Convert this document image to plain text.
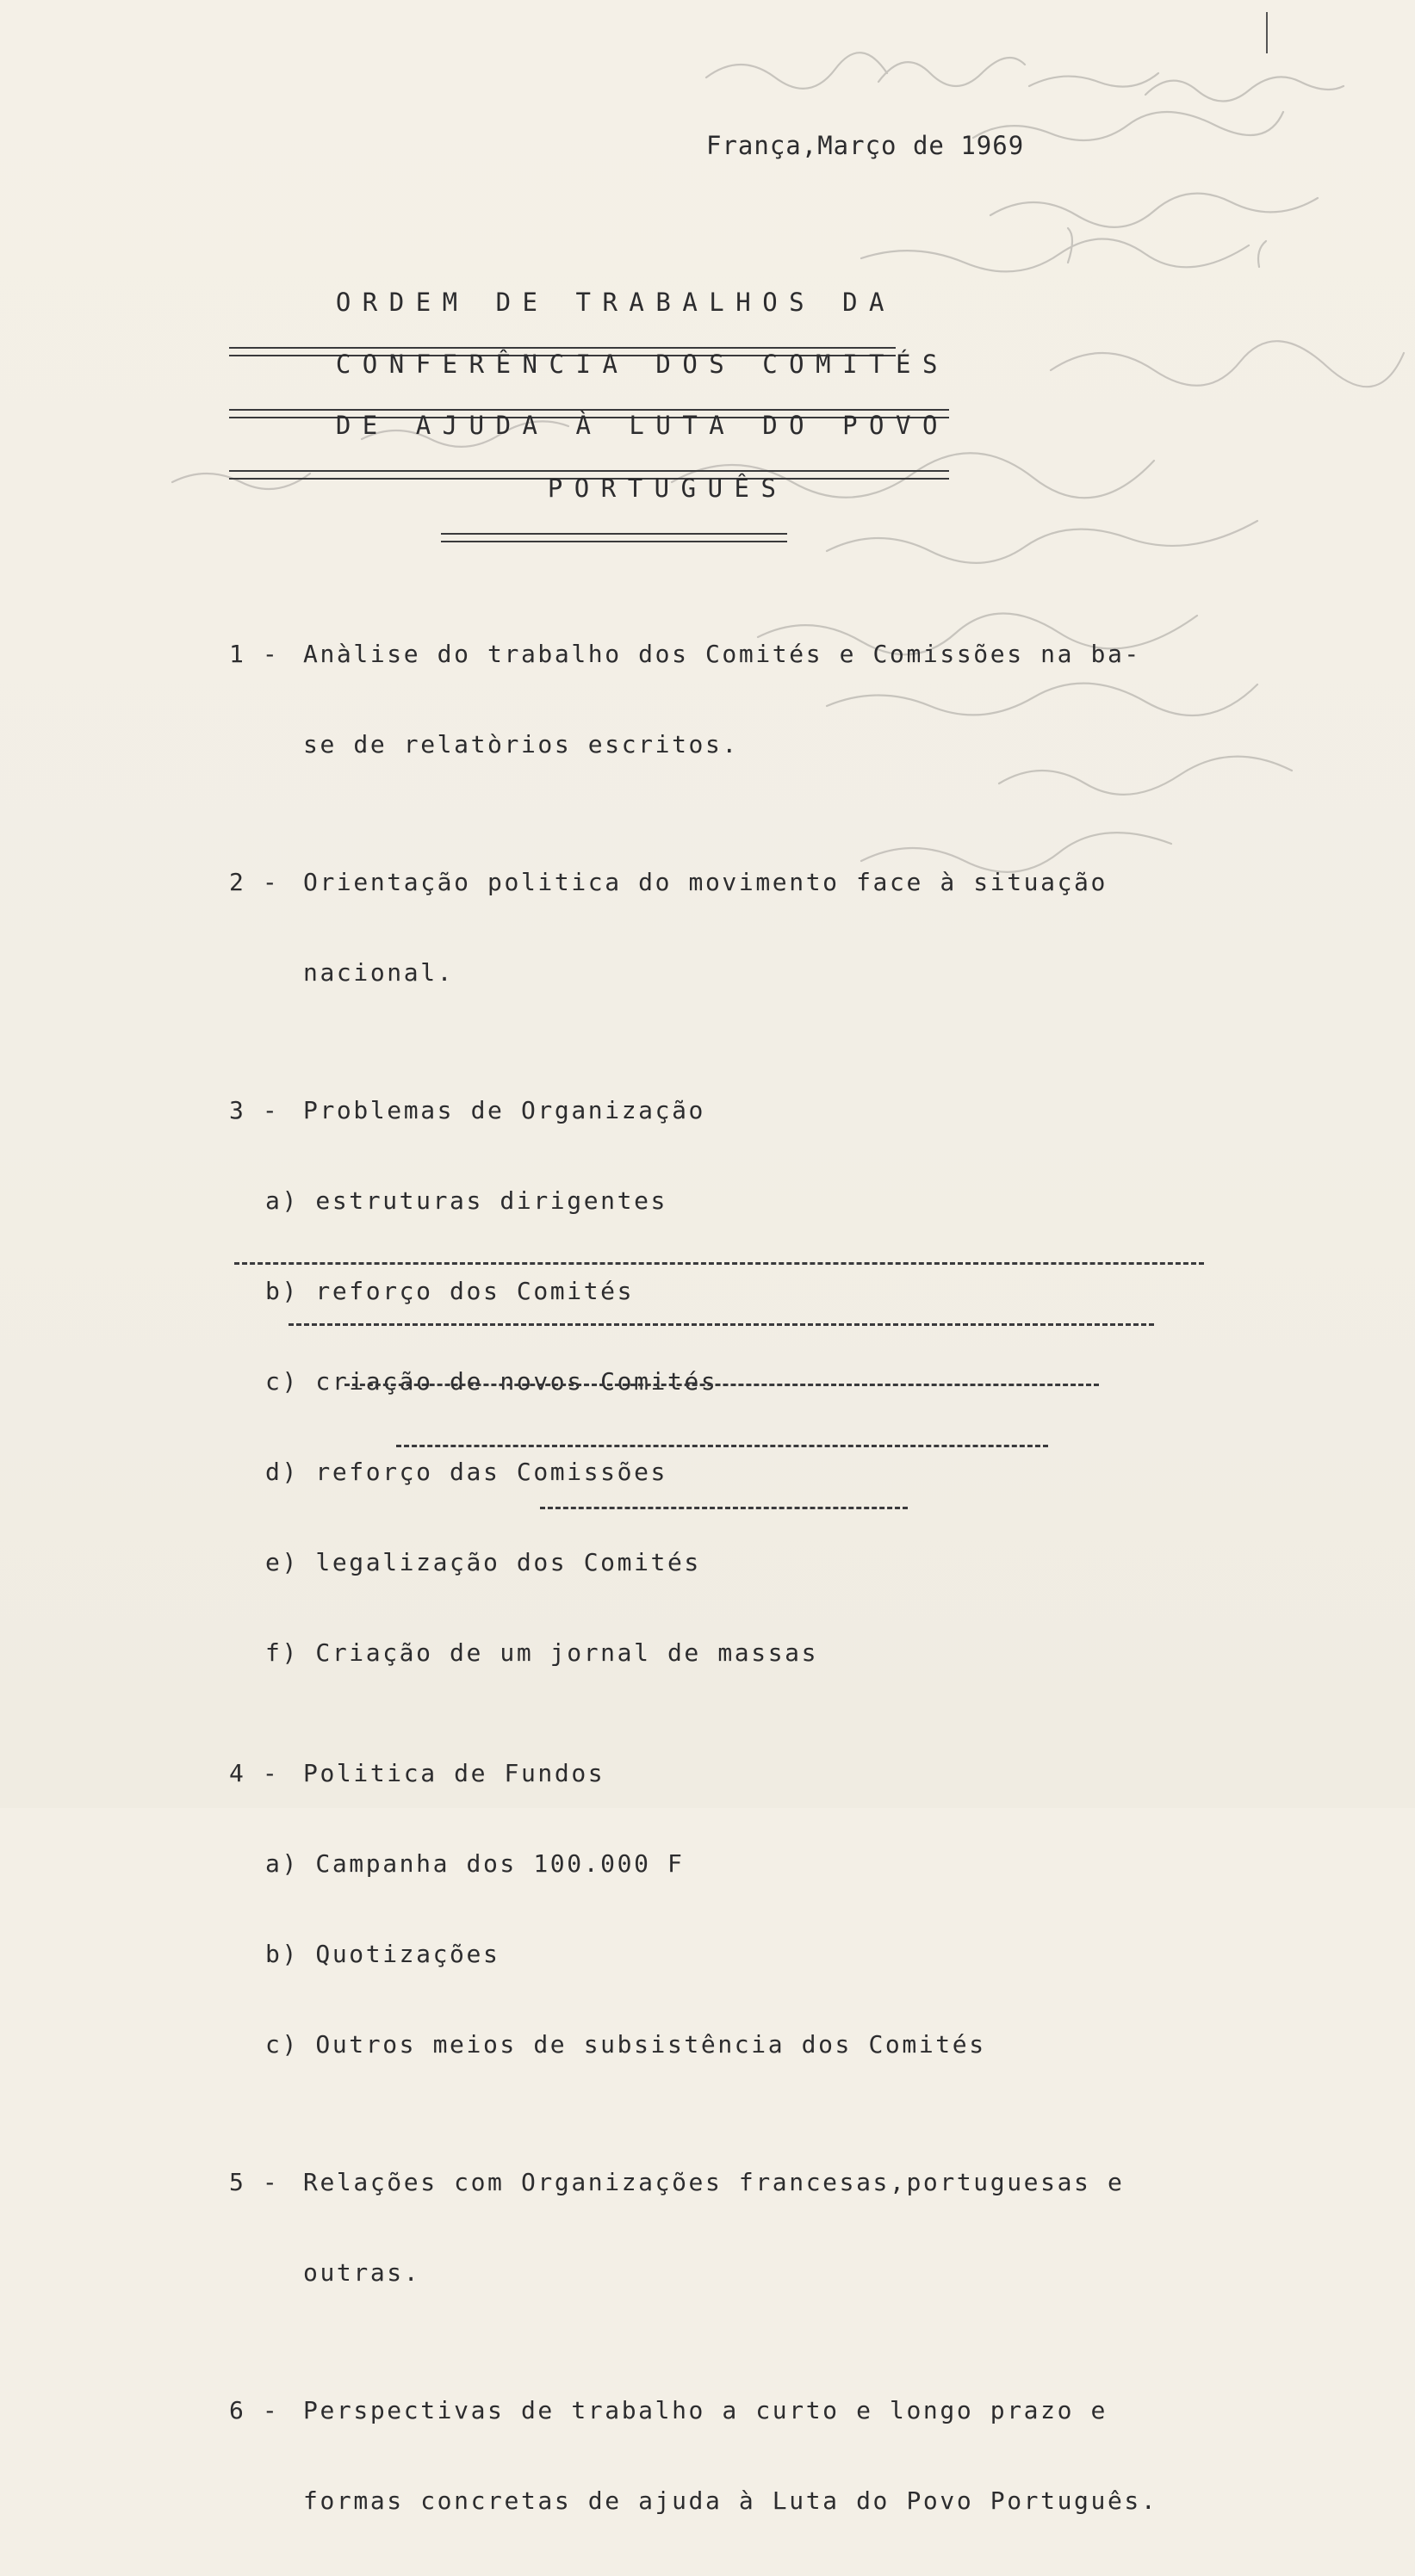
França,Março de 1969

ORDEM DE TRABALHOS DA

CONFERÊNCIA DOS COMITÉS

DE AJUDA À LUTA DO POVO

PORTUGUÊS

1 - Anàlise do trabalho dos Comités e Comissões na ba-

se de relatòrios escritos.

2 - Orientação politica do movimento face à situação

nacional.

3 - Problemas de Organização

a) estruturas dirigentes

b) reforço dos Comités

c) criação de novos Comités

d) reforço das Comissões

e) legalização dos Comités

f) Criação de um jornal de massas

4 - Politica de Fundos

a) Campanha dos 100.000 F

b) Quotizações

c) Outros meios de subsistência dos Comités

5 - Relações com Organizações francesas,portuguesas e

outras.

6 - Perspectivas de trabalho a curto e longo prazo e

formas concretas de ajuda à Luta do Povo Português.
